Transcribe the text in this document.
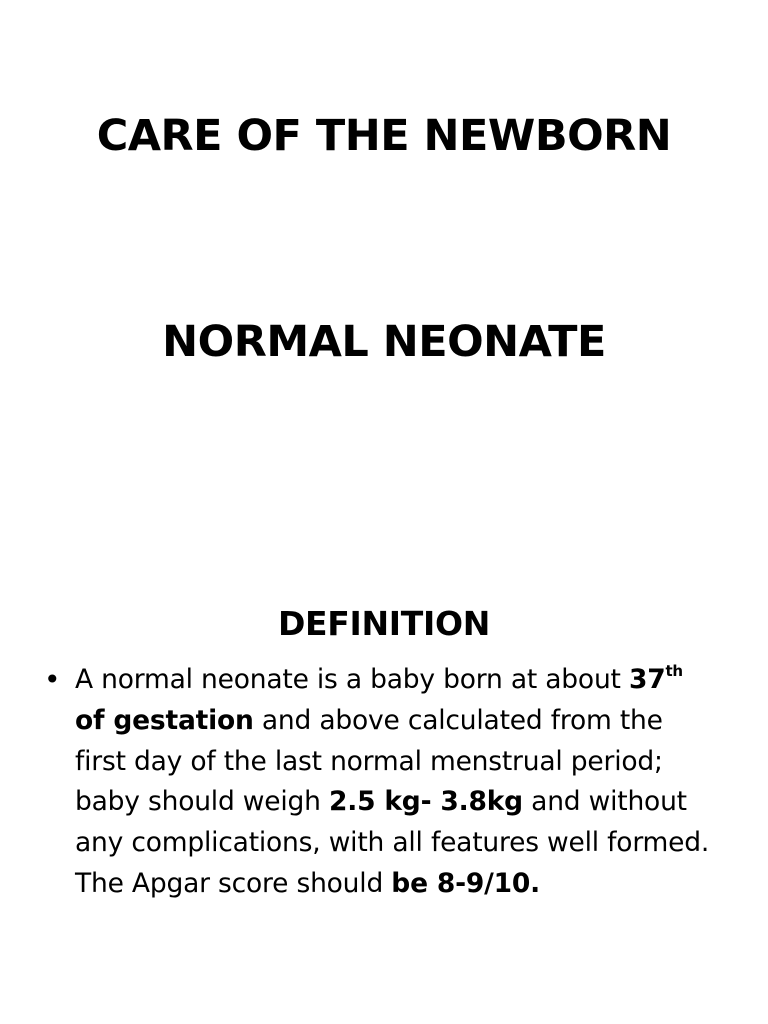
CARE OF THE NEWBORN
NORMAL NEONATE
DEFINITION
• A normal neonate is a baby born at about 37th of gestation and above calculated from the first day of the last normal menstrual period; baby should weigh 2.5 kg- 3.8kg and without any complications, with all features well formed. The Apgar score should be 8-9/10.
